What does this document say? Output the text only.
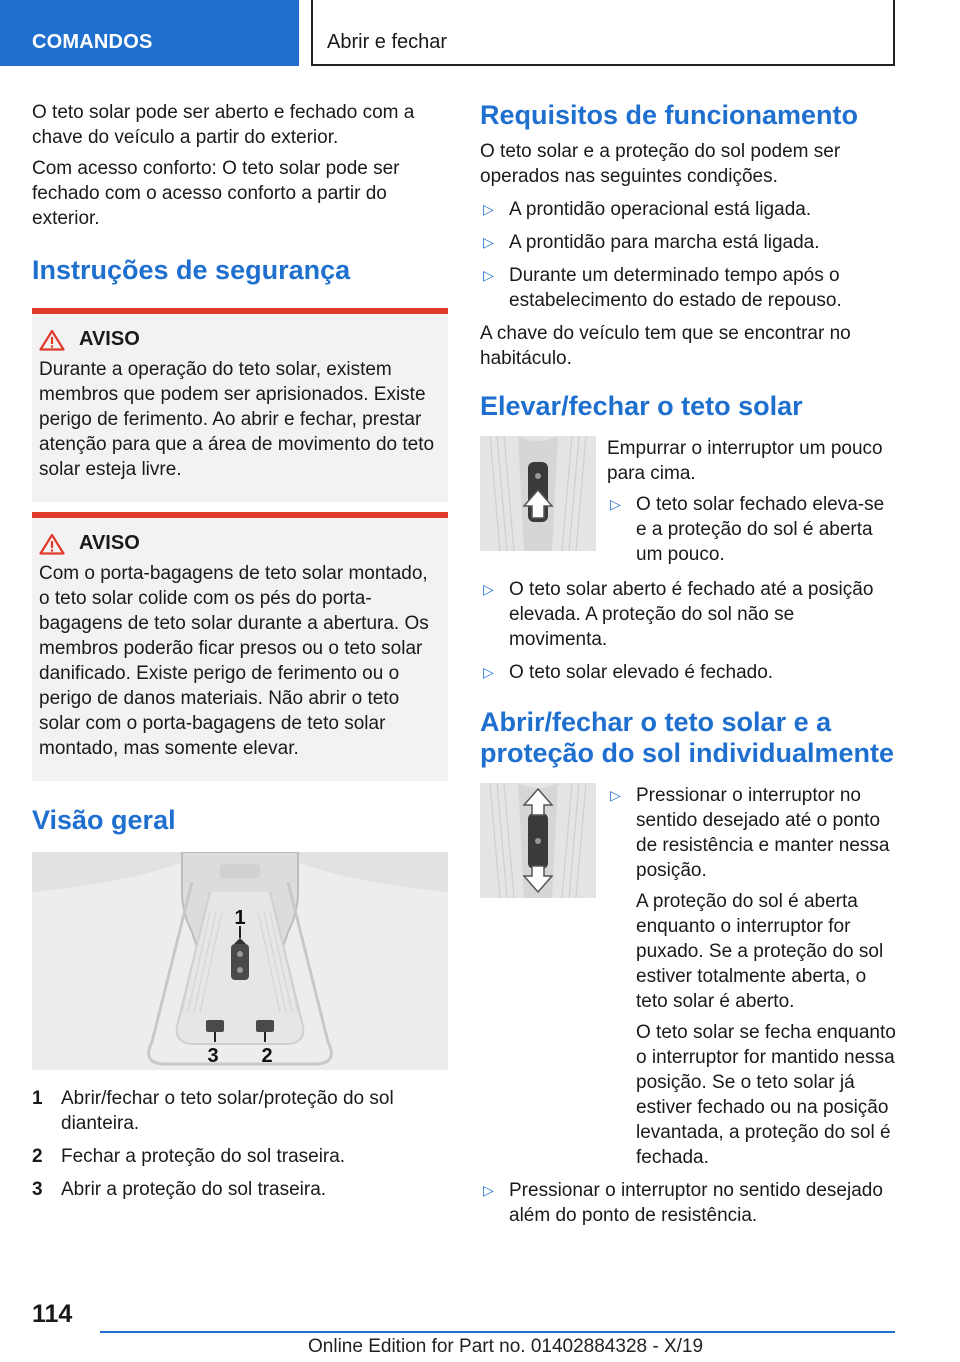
COMANDOS	Abrir e fechar

O teto solar pode ser aberto e fechado com a chave do veículo a partir do exterior.

Com acesso conforto: O teto solar pode ser fechado com o acesso conforto a partir do exterior.

Instruções de segurança
AVISO

Durante a operação do teto solar, existem membros que podem ser aprisionados. Existe perigo de ferimento. Ao abrir e fechar, prestar atenção para que a área de movimento do teto solar esteja livre.

AVISO

Com o porta-bagagens de teto solar montado, o teto solar colide com os pés do porta-bagagens de teto solar durante a abertura. Os membros poderão ficar presos ou o teto solar danificado. Existe perigo de ferimento ou o perigo de danos materiais. Não abrir o teto solar com o porta-bagagens de teto solar montado, mas somente elevar.

Visão geral
1
3 2
1 Abrir/fechar o teto solar/proteção do sol dianteira.
2 Fechar a proteção do sol traseira.
3 Abrir a proteção do sol traseira.
Requisitos de funcionamento

O teto solar e a proteção do sol podem ser operados nas seguintes condições.

▷ A prontidão operacional está ligada.
▷ A prontidão para marcha está ligada.
▷ Durante um determinado tempo após o estabelecimento do estado de repouso.

A chave do veículo tem que se encontrar no habitáculo.

Elevar/fechar o teto solar

Empurrar o interruptor um pouco para cima.

▷ O teto solar fechado eleva-se e a proteção do sol é aberta um pouco.
▷ O teto solar aberto é fechado até a posição elevada. A proteção do sol não se movimenta.
▷ O teto solar elevado é fechado.
Abrir/fechar o teto solar e a proteção do sol individualmente
▷ Pressionar o interruptor no sentido desejado até o ponto de resistência e manter nessa posição.

A proteção do sol é aberta enquanto o interruptor for puxado. Se a proteção do sol estiver totalmente aberta, o teto solar é aberto.

O teto solar se fecha enquanto o interruptor for mantido nessa posição. Se o teto solar já estiver fechado ou na posição levantada, a proteção do sol é fechada.

▷ Pressionar o interruptor no sentido desejado além do ponto de resistência.
114
Online Edition for Part no. 01402884328 - X/19
